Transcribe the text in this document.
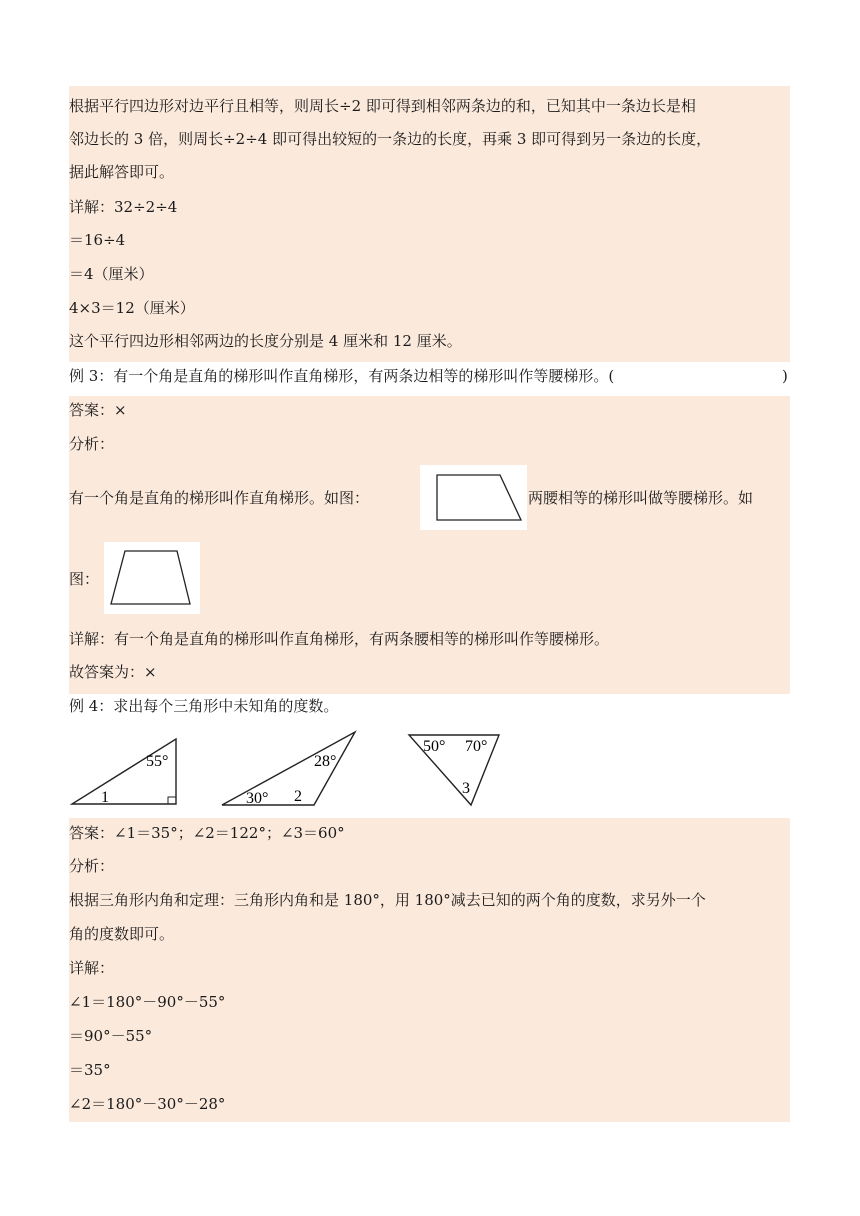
根据平行四边形对边平行且相等，则周长÷2 即可得到相邻两条边的和，已知其中一条边长是相
邻边长的 3 倍，则周长÷2÷4 即可得出较短的一条边的长度，再乘 3 即可得到另一条边的长度，
据此解答即可。
详解：32÷2÷4
＝16÷4
＝4（厘米）
4×3＝12（厘米）
这个平行四边形相邻两边的长度分别是 4 厘米和 12 厘米。
例 3：有一个角是直角的梯形叫作直角梯形，有两条边相等的梯形叫作等腰梯形。(	)
答案：×
分析：
有一个角是直角的梯形叫作直角梯形。如图：	两腰相等的梯形叫做等腰梯形。如
图：
详解：有一个角是直角的梯形叫作直角梯形，有两条腰相等的梯形叫作等腰梯形。
故答案为：×
例 4：求出每个三角形中未知角的度数。
55°
1
28°
30° 2
50° 70°
3
答案：∠1＝35°；∠2＝122°；∠3＝60°
分析：
根据三角形内角和定理：三角形内角和是 180°，用 180°减去已知的两个角的度数，求另外一个
角的度数即可。
详解：
∠1＝180°－90°－55°
＝90°－55°
＝35°
∠2＝180°－30°－28°
